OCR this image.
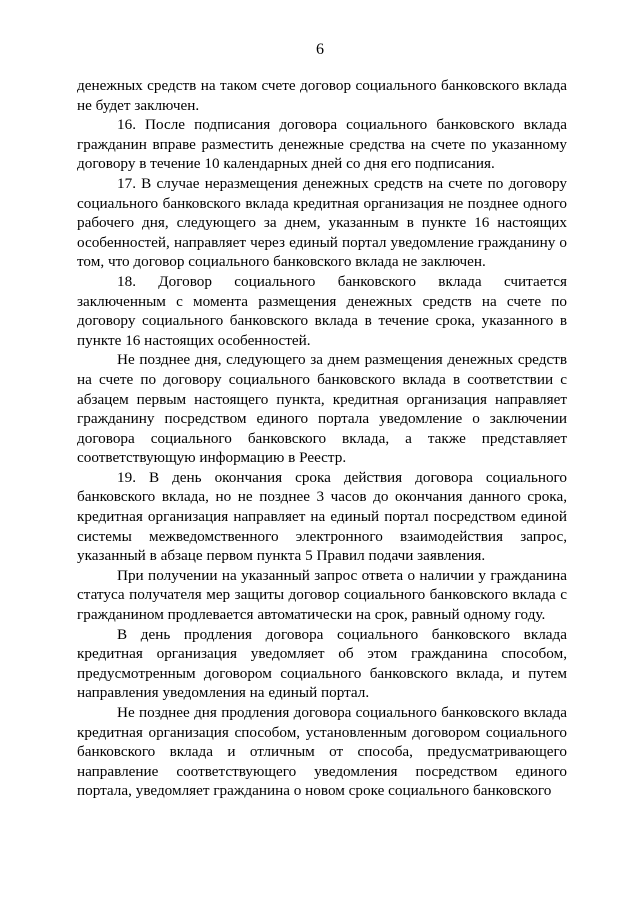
6

денежных средств на таком счете договор социального банковского вклада не будет заключен.

16. После подписания договора социального банковского вклада гражданин вправе разместить денежные средства на счете по указанному договору в течение 10 календарных дней со дня его подписания.

17. В случае неразмещения денежных средств на счете по договору социального банковского вклада кредитная организация не позднее одного рабочего дня, следующего за днем, указанным в пункте 16 настоящих особенностей, направляет через единый портал уведомление гражданину о том, что договор социального банковского вклада не заключен.

18. Договор социального банковского вклада считается заключенным с момента размещения денежных средств на счете по договору социального банковского вклада в течение срока, указанного в пункте 16 настоящих особенностей.

Не позднее дня, следующего за днем размещения денежных средств на счете по договору социального банковского вклада в соответствии с абзацем первым настоящего пункта, кредитная организация направляет гражданину посредством единого портала уведомление о заключении договора социального банковского вклада, а также представляет соответствующую информацию в Реестр.

19. В день окончания срока действия договора социального банковского вклада, но не позднее 3 часов до окончания данного срока, кредитная организация направляет на единый портал посредством единой системы межведомственного электронного взаимодействия запрос, указанный в абзаце первом пункта 5 Правил подачи заявления.

При получении на указанный запрос ответа о наличии у гражданина статуса получателя мер защиты договор социального банковского вклада с гражданином продлевается автоматически на срок, равный одному году.

В день продления договора социального банковского вклада кредитная организация уведомляет об этом гражданина способом, предусмотренным договором социального банковского вклада, и путем направления уведомления на единый портал.

Не позднее дня продления договора социального банковского вклада кредитная организация способом, установленным договором социального банковского вклада и отличным от способа, предусматривающего направление соответствующего уведомления посредством единого портала, уведомляет гражданина о новом сроке социального банковского
